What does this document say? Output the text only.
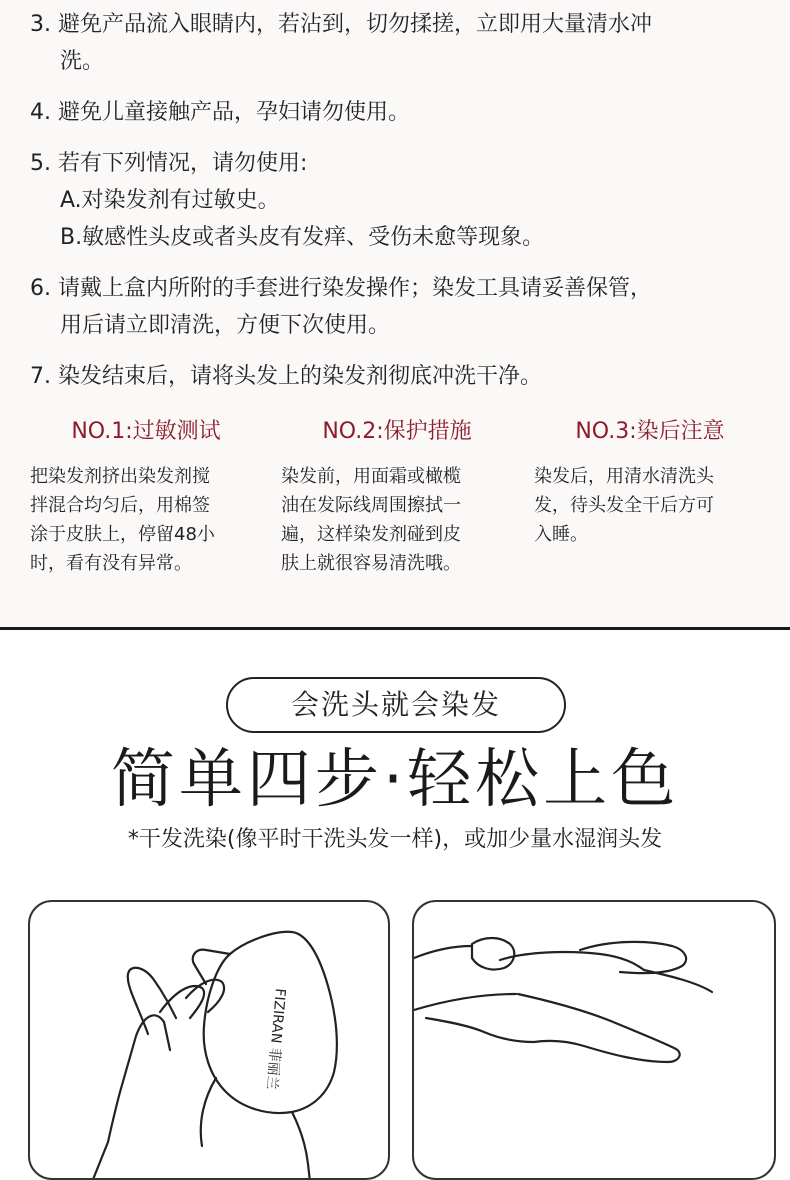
3. 避免产品流入眼睛内，若沾到，切勿揉搓，立即用大量清水冲
洗。
4. 避免儿童接触产品，孕妇请勿使用。
5. 若有下列情况，请勿使用:
A.对染发剂有过敏史。
B.敏感性头皮或者头皮有发痒、受伤未愈等现象。
6. 请戴上盒内所附的手套进行染发操作；染发工具请妥善保管，
用后请立即清洗，方便下次使用。
7. 染发结束后，请将头发上的染发剂彻底冲洗干净。
NO.1:过敏测试
把染发剂挤出染发剂搅
拌混合均匀后，用棉签
涂于皮肤上，停留48小
时，看有没有异常。
NO.2:保护措施
染发前，用面霜或橄榄
油在发际线周围擦拭一
遍，这样染发剂碰到皮
肤上就很容易清洗哦。
NO.3:染后注意
染发后，用清水清洗头
发，待头发全干后方可
入睡。
会洗头就会染发
简单四步·轻松上色
*干发洗染(像平时干洗头发一样)，或加少量水湿润头发
FIZIRAN 菲丽兰
